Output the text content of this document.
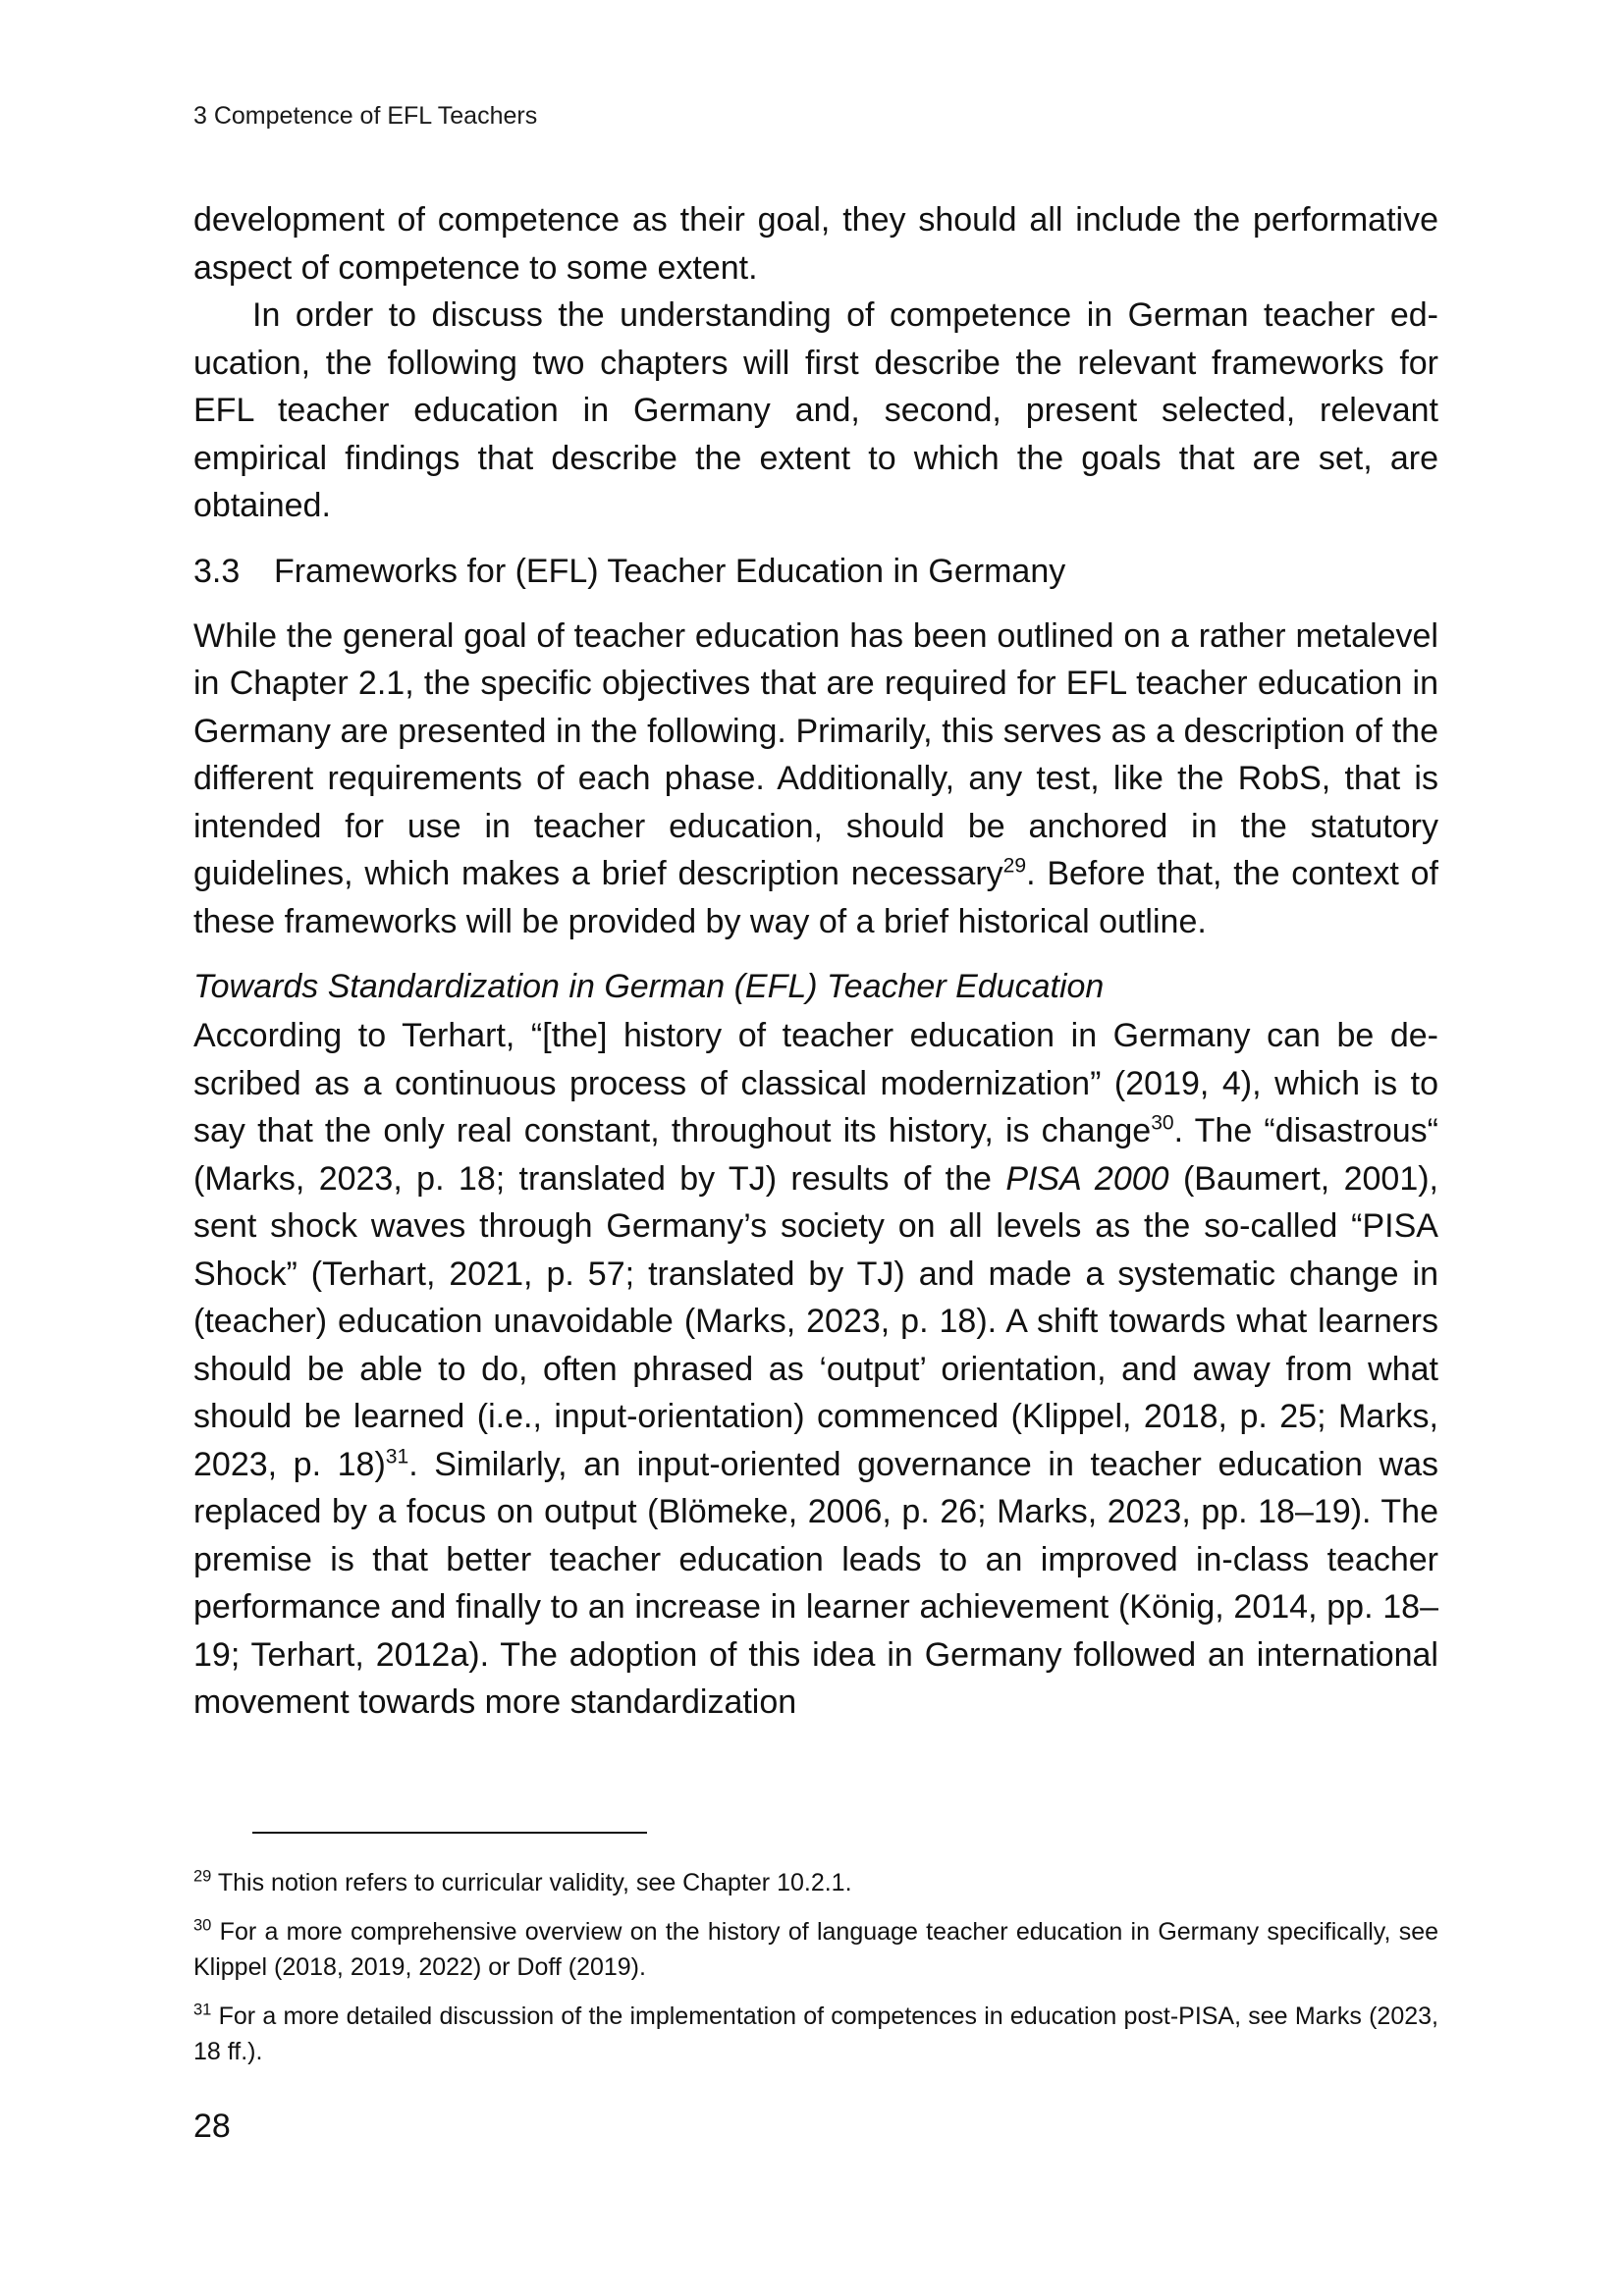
3 Competence of EFL Teachers

development of competence as their goal, they should all include the performative aspect of competence to some extent.

In order to discuss the understanding of competence in German teacher education, the following two chapters will first describe the relevant frameworks for EFL teacher education in Germany and, second, present selected, relevant empirical findings that describe the extent to which the goals that are set, are obtained.

3.3 Frameworks for (EFL) Teacher Education in Germany

While the general goal of teacher education has been outlined on a rather metalevel in Chapter 2.1, the specific objectives that are required for EFL teacher education in Germany are presented in the following. Primarily, this serves as a description of the different requirements of each phase. Additionally, any test, like the RobS, that is intended for use in teacher education, should be anchored in the statutory guidelines, which makes a brief description necessary$^{29}$. Before that, the context of these frameworks will be provided by way of a brief historical outline.

Towards Standardization in German (EFL) Teacher Education

According to Terhart, “[the] history of teacher education in Germany can be described as a continuous process of classical modernization” (2019, 4), which is to say that the only real constant, throughout its history, is change$^{30}$. The “disastrous“ (Marks, 2023, p. 18; translated by TJ) results of the PISA 2000 (Baumert, 2001), sent shock waves through Germany’s society on all levels as the so-called “PISA Shock” (Terhart, 2021, p. 57; translated by TJ) and made a systematic change in (teacher) education unavoidable (Marks, 2023, p. 18). A shift towards what learners should be able to do, often phrased as ‘output’ orientation, and away from what should be learned (i.e., input-orientation) commenced (Klippel, 2018, p. 25; Marks, 2023, p. 18)$^{31}$. Similarly, an input-oriented governance in teacher education was replaced by a focus on output (Blömeke, 2006, p. 26; Marks, 2023, pp. 18–19). The premise is that better teacher education leads to an improved in-class teacher performance and finally to an increase in learner achievement (König, 2014, pp. 18–19; Terhart, 2012a). The adoption of this idea in Germany followed an international movement towards more standardization

$^{29}$ This notion refers to curricular validity, see Chapter 10.2.1.

$^{30}$ For a more comprehensive overview on the history of language teacher education in Germany specifically, see Klippel (2018, 2019, 2022) or Doff (2019).

$^{31}$ For a more detailed discussion of the implementation of competences in education post-PISA, see Marks (2023, 18 ff.).

28
